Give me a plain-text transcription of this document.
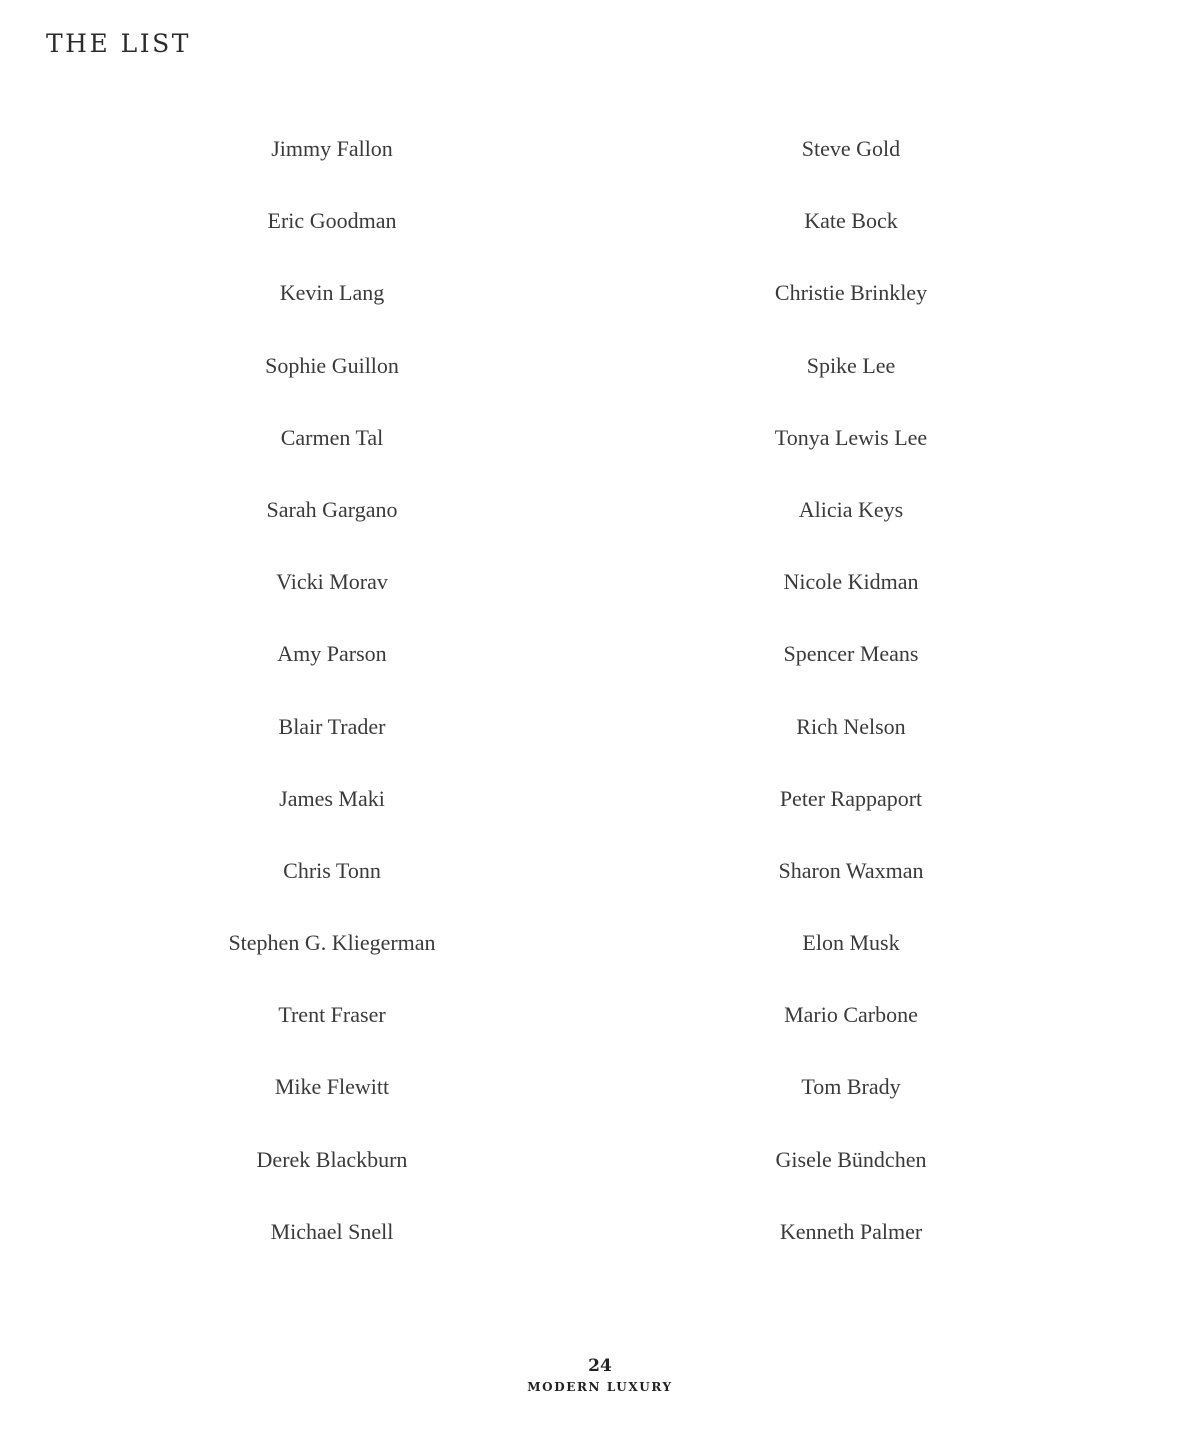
THE LIST
Jimmy Fallon
Eric Goodman
Kevin Lang
Sophie Guillon
Carmen Tal
Sarah Gargano
Vicki Morav
Amy Parson
Blair Trader
James Maki
Chris Tonn
Stephen G. Kliegerman
Trent Fraser
Mike Flewitt
Derek Blackburn
Michael Snell
Steve Gold
Kate Bock
Christie Brinkley
Spike Lee
Tonya Lewis Lee
Alicia Keys
Nicole Kidman
Spencer Means
Rich Nelson
Peter Rappaport
Sharon Waxman
Elon Musk
Mario Carbone
Tom Brady
Gisele Bündchen
Kenneth Palmer
24
MODERN LUXURY
